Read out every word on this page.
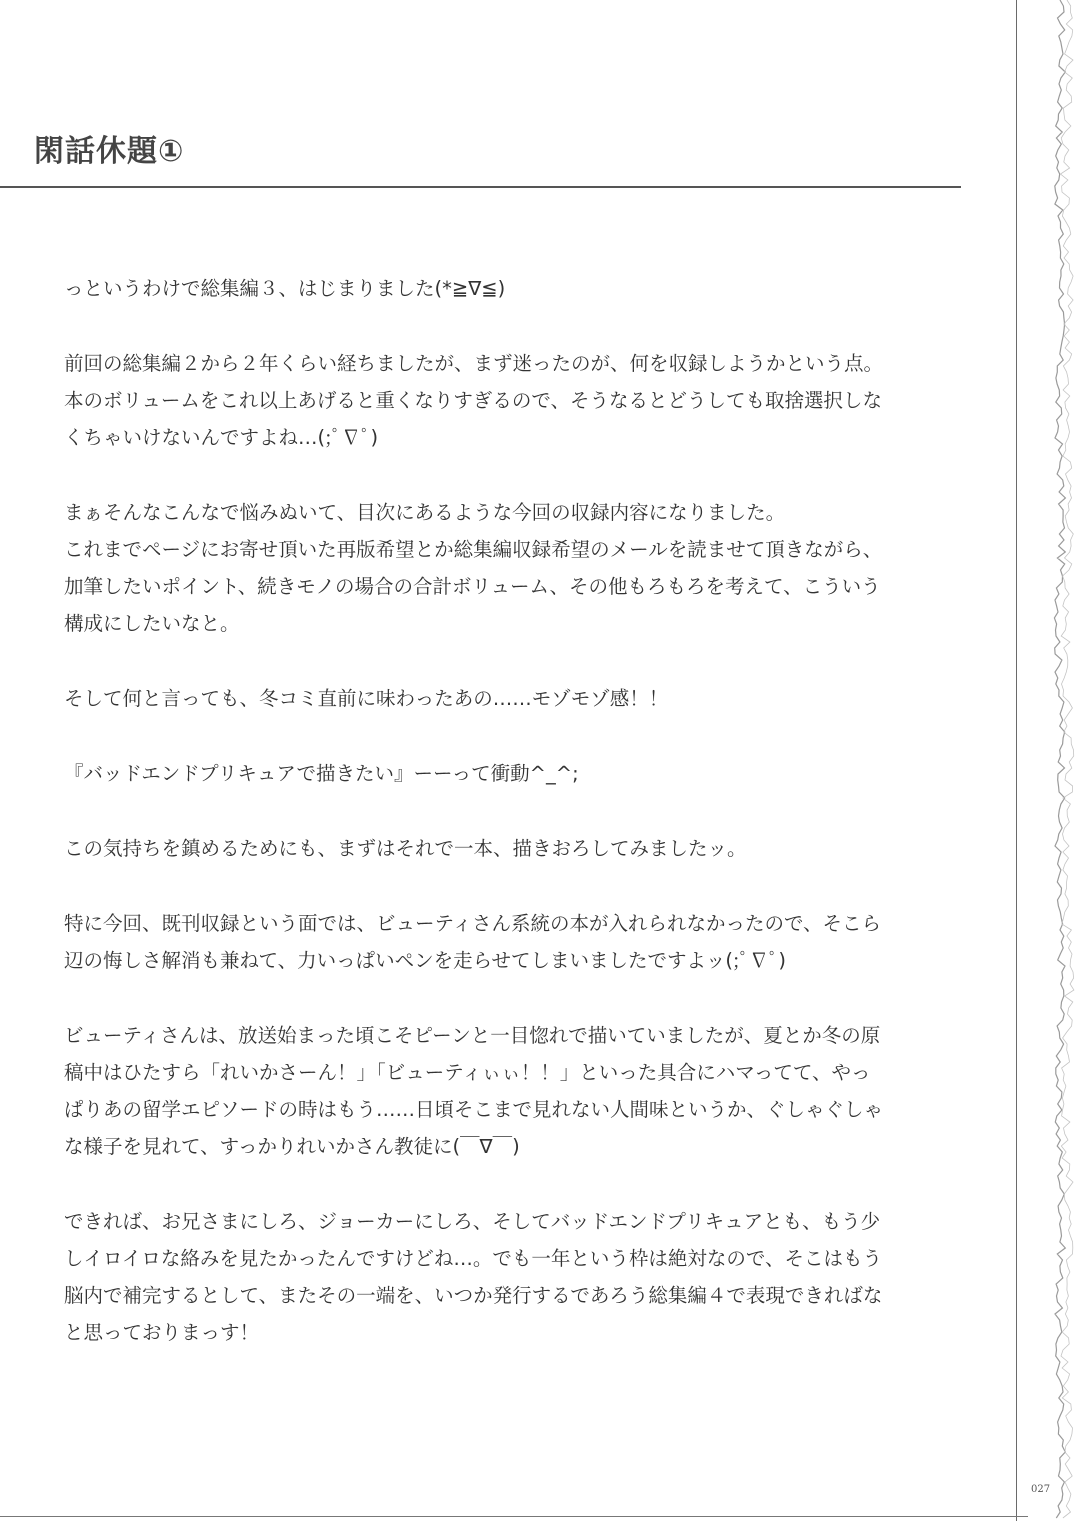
閑話休題①
っというわけで総集編３、はじまりました(*≧∇≦)
前回の総集編２から２年くらい経ちましたが、まず迷ったのが、何を収録しようかという点。
本のボリュームをこれ以上あげると重くなりすぎるので、そうなるとどうしても取捨選択しな
くちゃいけないんですよね…(;ﾟ∇ﾟ)
まぁそんなこんなで悩みぬいて、目次にあるような今回の収録内容になりました。
これまでページにお寄せ頂いた再版希望とか総集編収録希望のメールを読ませて頂きながら、
加筆したいポイント、続きモノの場合の合計ボリューム、その他もろもろを考えて、こういう
構成にしたいなと。
そして何と言っても、冬コミ直前に味わったあの……モゾモゾ感！！
『バッドエンドプリキュアで描きたい』ーーって衝動^_^;
この気持ちを鎮めるためにも、まずはそれで一本、描きおろしてみましたッ。
特に今回、既刊収録という面では、ビューティさん系統の本が入れられなかったので、そこら
辺の悔しさ解消も兼ねて、力いっぱいペンを走らせてしまいましたですよッ(;ﾟ∇ﾟ)
ビューティさんは、放送始まった頃こそピーンと一目惚れで描いていましたが、夏とか冬の原
稿中はひたすら「れいかさーん！」「ビューティぃぃ！！」といった具合にハマってて、やっ
ぱりあの留学エピソードの時はもう……日頃そこまで見れない人間味というか、ぐしゃぐしゃ
な様子を見れて、すっかりれいかさん教徒に(￣∇￣)
できれば、お兄さまにしろ、ジョーカーにしろ、そしてバッドエンドプリキュアとも、もう少
しイロイロな絡みを見たかったんですけどね…。でも一年という枠は絶対なので、そこはもう
脳内で補完するとして、またその一端を、いつか発行するであろう総集編４で表現できればな
と思っておりまっす！
027
